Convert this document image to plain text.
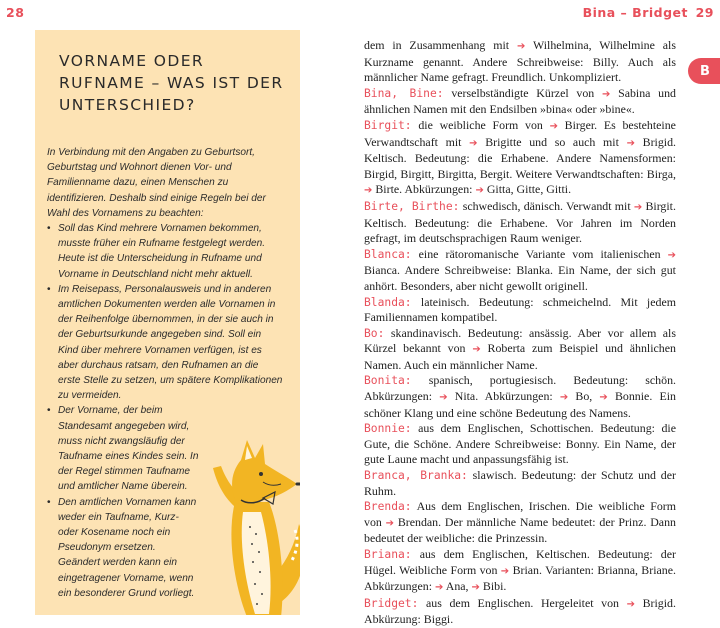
28	Bina – Bridget 29
VORNAME ODER RUFNAME – WAS IST DER UNTERSCHIED?

In Verbindung mit den Angaben zu Geburtsort, Geburtstag und Wohnort dienen Vor- und Familienname dazu, einen Menschen zu identifizieren. Deshalb sind einige Regeln bei der Wahl des Vornamens zu beachten:

• Soll das Kind mehrere Vornamen bekommen, musste früher ein Rufname festgelegt werden. Heute ist die Unterscheidung in Rufname und Vorname in Deutschland nicht mehr aktuell.
• Im Reisepass, Personalausweis und in anderen amtlichen Dokumenten werden alle Vornamen in der Reihenfolge übernommen, in der sie auch in der Geburtsurkunde angegeben sind. Soll ein Kind über mehrere Vornamen verfügen, ist es aber durchaus ratsam, den Rufnamen an die erste Stelle zu setzen, um spätere Komplikationen zu vermeiden.
• Der Vorname, der beim Standesamt angegeben wird, muss nicht zwangsläufig der Taufname eines Kindes sein. In der Regel stimmen Taufname und amtlicher Name überein.
• Den amtlichen Vornamen kann weder ein Taufname, Kurz- oder Kosename noch ein Pseudonym ersetzen. Geändert werden kann ein eingetragener Vorname, wenn ein besonderer Grund vorliegt.
B

dem in Zusammenhang mit ➔ Wilhelmina, Wilhelmine als Kurzname genannt. Andere Schreibweise: Billy. Auch als männlicher Name gefragt. Freundlich. Unkompliziert.

Bina, Bine: verselbständigte Kürzel von ➔ Sabina und ähnlichen Namen mit den Endsilben »bina« oder »bine«.

Birgit: die weibliche Form von ➔ Birger. Es bestehteine Verwandtschaft mit ➔ Brigitte und so auch mit ➔ Brigid. Keltisch. Bedeutung: die Erhabene. Andere Namensformen: Birgid, Birgitt, Birgitta, Bergit. Weitere Verwandtschaften: Birga, ➔ Birte. Abkürzungen: ➔ Gitta, Gitte, Gitti.

Birte, Birthe: schwedisch, dänisch. Verwandt mit ➔ Birgit. Keltisch. Bedeutung: die Erhabene. Vor Jahren im Norden gefragt, im deutschsprachigen Raum weniger.

Blanca: eine rätoromanische Variante vom italienischen ➔ Bianca. Andere Schreibweise: Blanka. Ein Name, der sich gut anhört. Besonders, aber nicht gewollt originell.

Blanda: lateinisch. Bedeutung: schmeichelnd. Mit jedem Familiennamen kompatibel.

Bo: skandinavisch. Bedeutung: ansässig. Aber vor allem als Kürzel bekannt von ➔ Roberta zum Beispiel und ähnlichen Namen. Auch ein männlicher Name.

Bonita: spanisch, portugiesisch. Bedeutung: schön. Abkürzungen: ➔ Nita. Abkürzungen: ➔ Bo, ➔ Bonnie. Ein schöner Klang und eine schöne Bedeutung des Namens.

Bonnie: aus dem Englischen, Schottischen. Bedeutung: die Gute, die Schöne. Andere Schreibweise: Bonny. Ein Name, der gute Laune macht und anpassungsfähig ist.

Branca, Branka: slawisch. Bedeutung: der Schutz und der Ruhm.

Brenda: Aus dem Englischen, Irischen. Die weibliche Form von ➔ Brendan. Der männliche Name bedeutet: der Prinz. Dann bedeutet der weibliche: die Prinzessin.

Briana: aus dem Englischen, Keltischen. Bedeutung: der Hügel. Weibliche Form von ➔ Brian. Varianten: Brianna, Briane. Abkürzungen: ➔ Ana, ➔ Bibi.

Bridget: aus dem Englischen. Hergeleitet von ➔ Brigid. Abkürzung: Biggi.
